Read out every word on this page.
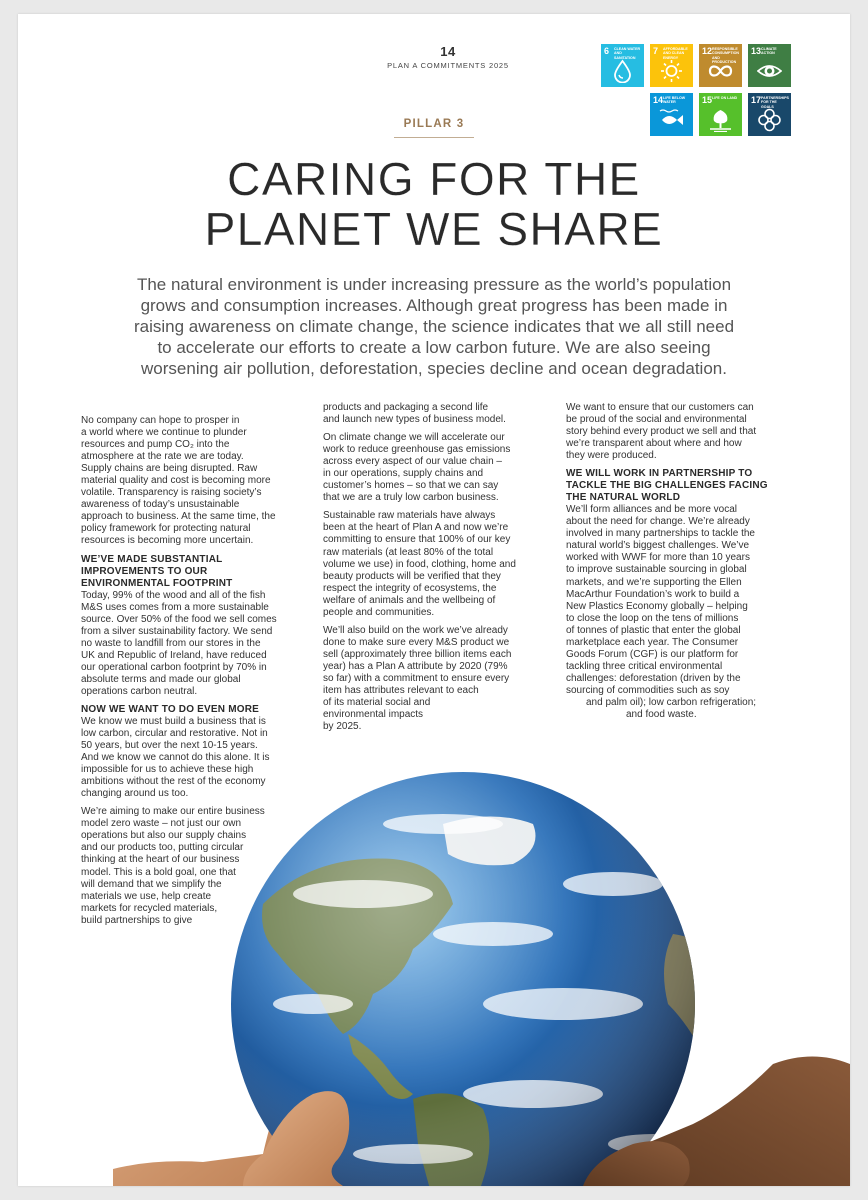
14
PLAN A COMMITMENTS 2025
6 CLEAN WATER AND SANITATION
7 AFFORDABLE AND CLEAN ENERGY
12 RESPONSIBLE CONSUMPTION AND PRODUCTION
13 CLIMATE ACTION
14 LIFE BELOW WATER	15 LIFE ON LAND	17 PARTNERSHIPS FOR THE GOALS
PILLAR 3
CARING FOR THE
PLANET WE SHARE

The natural environment is under increasing pressure as the world’s population
grows and consumption increases. Although great progress has been made in
raising awareness on climate change, the science indicates that we all still need
to accelerate our efforts to create a low carbon future. We are also seeing
worsening air pollution, deforestation, species decline and ocean degradation.

No company can hope to prosper in
a world where we continue to plunder
resources and pump CO₂ into the
atmosphere at the rate we are today.
Supply chains are being disrupted. Raw
material quality and cost is becoming more
volatile. Transparency is raising society’s
awareness of today’s unsustainable
approach to business. At the same time, the
policy framework for protecting natural
resources is becoming more uncertain.
WE’VE MADE SUBSTANTIAL
IMPROVEMENTS TO OUR
ENVIRONMENTAL FOOTPRINT
Today, 99% of the wood and all of the fish
M&S uses comes from a more sustainable
source. Over 50% of the food we sell comes
from a silver sustainability factory. We send
no waste to landfill from our stores in the
UK and Republic of Ireland, have reduced
our operational carbon footprint by 70% in
absolute terms and made our global
operations carbon neutral.
NOW WE WANT TO DO EVEN MORE
We know we must build a business that is
low carbon, circular and restorative. Not in
50 years, but over the next 10-15 years.
And we know we cannot do this alone. It is
impossible for us to achieve these high
ambitions without the rest of the economy
changing around us too.
We’re aiming to make our entire business
model zero waste – not just our own
operations but also our supply chains
and our products too, putting circular
thinking at the heart of our business
model. This is a bold goal, one that
will demand that we simplify the
materials we use, help create
markets for recycled materials,
build partnerships to give
products and packaging a second life
and launch new types of business model.
On climate change we will accelerate our
work to reduce greenhouse gas emissions
across every aspect of our value chain –
in our operations, supply chains and
customer’s homes – so that we can say
that we are a truly low carbon business.
Sustainable raw materials have always
been at the heart of Plan A and now we’re
committing to ensure that 100% of our key
raw materials (at least 80% of the total
volume we use) in food, clothing, home and
beauty products will be verified that they
respect the integrity of ecosystems, the
welfare of animals and the wellbeing of
people and communities.
We’ll also build on the work we’ve already
done to make sure every M&S product we
sell (approximately three billion items each
year) has a Plan A attribute by 2020 (79%
so far) with a commitment to ensure every
item has attributes relevant to each
of its material social and
environmental impacts
by 2025.
We want to ensure that our customers can
be proud of the social and environmental
story behind every product we sell and that
we’re transparent about where and how
they were produced.
WE WILL WORK IN PARTNERSHIP TO
TACKLE THE BIG CHALLENGES FACING
THE NATURAL WORLD
We’ll form alliances and be more vocal
about the need for change. We’re already
involved in many partnerships to tackle the
natural world’s biggest challenges. We’ve
worked with WWF for more than 10 years
to improve sustainable sourcing in global
markets, and we’re supporting the Ellen
MacArthur Foundation’s work to build a
New Plastics Economy globally – helping
to close the loop on the tens of millions
of tonnes of plastic that enter the global
marketplace each year. The Consumer
Goods Forum (CGF) is our platform for
tackling three critical environmental
challenges: deforestation (driven by the
sourcing of commodities such as soy
and palm oil); low carbon refrigeration;
and food waste.
